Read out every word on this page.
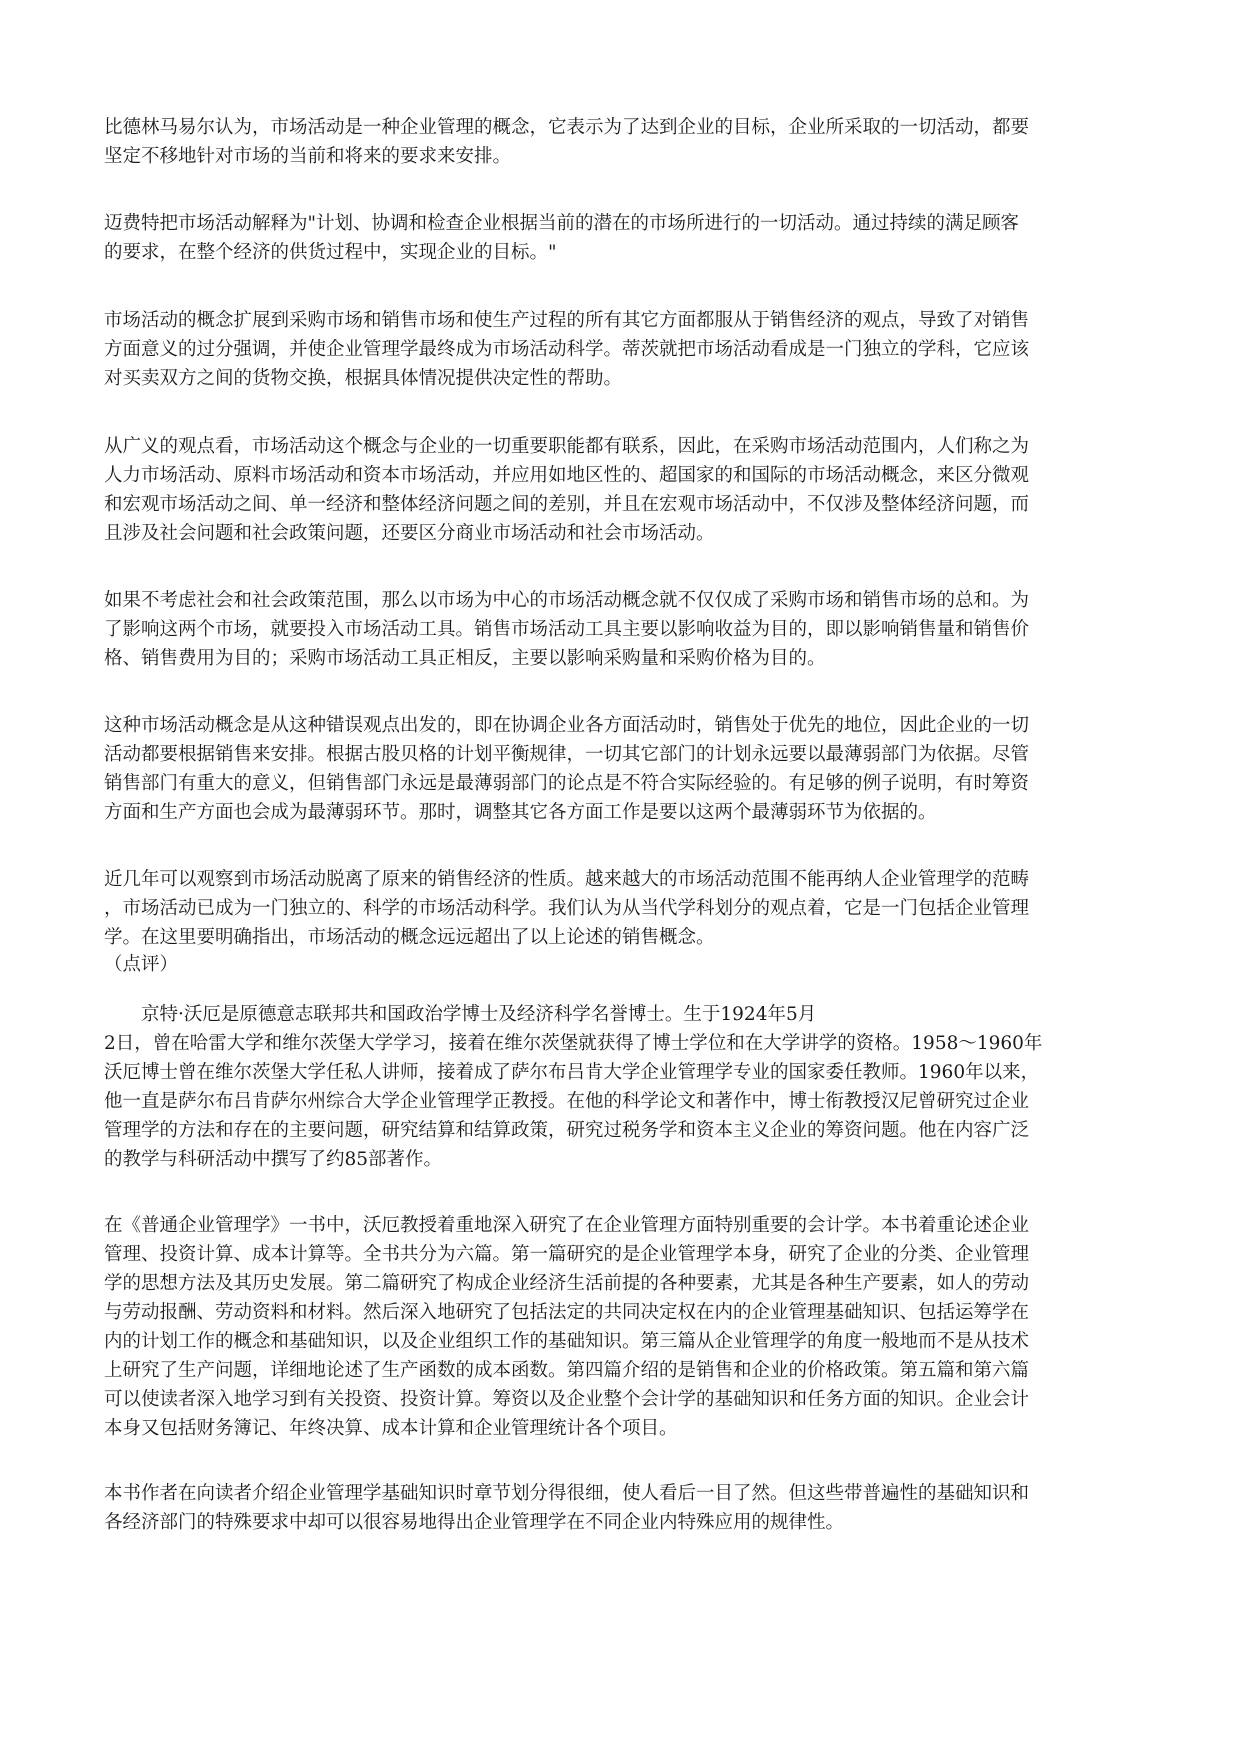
比德林马易尔认为，市场活动是一种企业管理的概念，它表示为了达到企业的目标，企业所采取的一切活动，都要
坚定不移地针对市场的当前和将来的要求来安排。

迈费特把市场活动解释为"计划、协调和检查企业根据当前的潜在的市场所进行的一切活动。通过持续的满足顾客
的要求，在整个经济的供货过程中，实现企业的目标。"

市场活动的概念扩展到采购市场和销售市场和使生产过程的所有其它方面都服从于销售经济的观点，导致了对销售
方面意义的过分强调，并使企业管理学最终成为市场活动科学。蒂茨就把市场活动看成是一门独立的学科，它应该
对买卖双方之间的货物交换，根据具体情况提供决定性的帮助。

从广义的观点看，市场活动这个概念与企业的一切重要职能都有联系，因此，在采购市场活动范围内，人们称之为
人力市场活动、原料市场活动和资本市场活动，并应用如地区性的、超国家的和国际的市场活动概念，来区分微观
和宏观市场活动之间、单一经济和整体经济问题之间的差别，并且在宏观市场活动中，不仅涉及整体经济问题，而
且涉及社会问题和社会政策问题，还要区分商业市场活动和社会市场活动。

如果不考虑社会和社会政策范围，那么以市场为中心的市场活动概念就不仅仅成了采购市场和销售市场的总和。为
了影响这两个市场，就要投入市场活动工具。销售市场活动工具主要以影响收益为目的，即以影响销售量和销售价
格、销售费用为目的；采购市场活动工具正相反，主要以影响采购量和采购价格为目的。

这种市场活动概念是从这种错误观点出发的，即在协调企业各方面活动时，销售处于优先的地位，因此企业的一切
活动都要根据销售来安排。根据古股贝格的计划平衡规律，一切其它部门的计划永远要以最薄弱部门为依据。尽管
销售部门有重大的意义，但销售部门永远是最薄弱部门的论点是不符合实际经验的。有足够的例子说明，有时筹资
方面和生产方面也会成为最薄弱环节。那时，调整其它各方面工作是要以这两个最薄弱环节为依据的。

近几年可以观察到市场活动脱离了原来的销售经济的性质。越来越大的市场活动范围不能再纳人企业管理学的范畴
，市场活动已成为一门独立的、科学的市场活动科学。我们认为从当代学科划分的观点着，它是一门包括企业管理
学。在这里要明确指出，市场活动的概念远远超出了以上论述的销售概念。

（点评）

　　京特·沃厄是原德意志联邦共和国政治学博士及经济科学名誉博士。生于1924年5月
2日，曾在哈雷大学和维尔茨堡大学学习，接着在维尔茨堡就获得了博士学位和在大学讲学的资格。1958～1960年
沃厄博士曾在维尔茨堡大学任私人讲师，接着成了萨尔布吕肯大学企业管理学专业的国家委任教师。1960年以来，
他一直是萨尔布吕肯萨尔州综合大学企业管理学正教授。在他的科学论文和著作中，博士衔教授汉尼曾研究过企业
管理学的方法和存在的主要问题，研究结算和结算政策，研究过税务学和资本主义企业的筹资问题。他在内容广泛
的教学与科研活动中撰写了约85部著作。

在《普通企业管理学》一书中，沃厄教授着重地深入研究了在企业管理方面特别重要的会计学。本书着重论述企业
管理、投资计算、成本计算等。全书共分为六篇。第一篇研究的是企业管理学本身，研究了企业的分类、企业管理
学的思想方法及其历史发展。第二篇研究了构成企业经济生活前提的各种要素，尤其是各种生产要素，如人的劳动
与劳动报酬、劳动资料和材料。然后深入地研究了包括法定的共同决定权在内的企业管理基础知识、包括运筹学在
内的计划工作的概念和基础知识，以及企业组织工作的基础知识。第三篇从企业管理学的角度一般地而不是从技术
上研究了生产问题，详细地论述了生产函数的成本函数。第四篇介绍的是销售和企业的价格政策。第五篇和第六篇
可以使读者深入地学习到有关投资、投资计算。筹资以及企业整个会计学的基础知识和任务方面的知识。企业会计
本身又包括财务簿记、年终决算、成本计算和企业管理统计各个项目。

本书作者在向读者介绍企业管理学基础知识时章节划分得很细，使人看后一目了然。但这些带普遍性的基础知识和
各经济部门的特殊要求中却可以很容易地得出企业管理学在不同企业内特殊应用的规律性。
